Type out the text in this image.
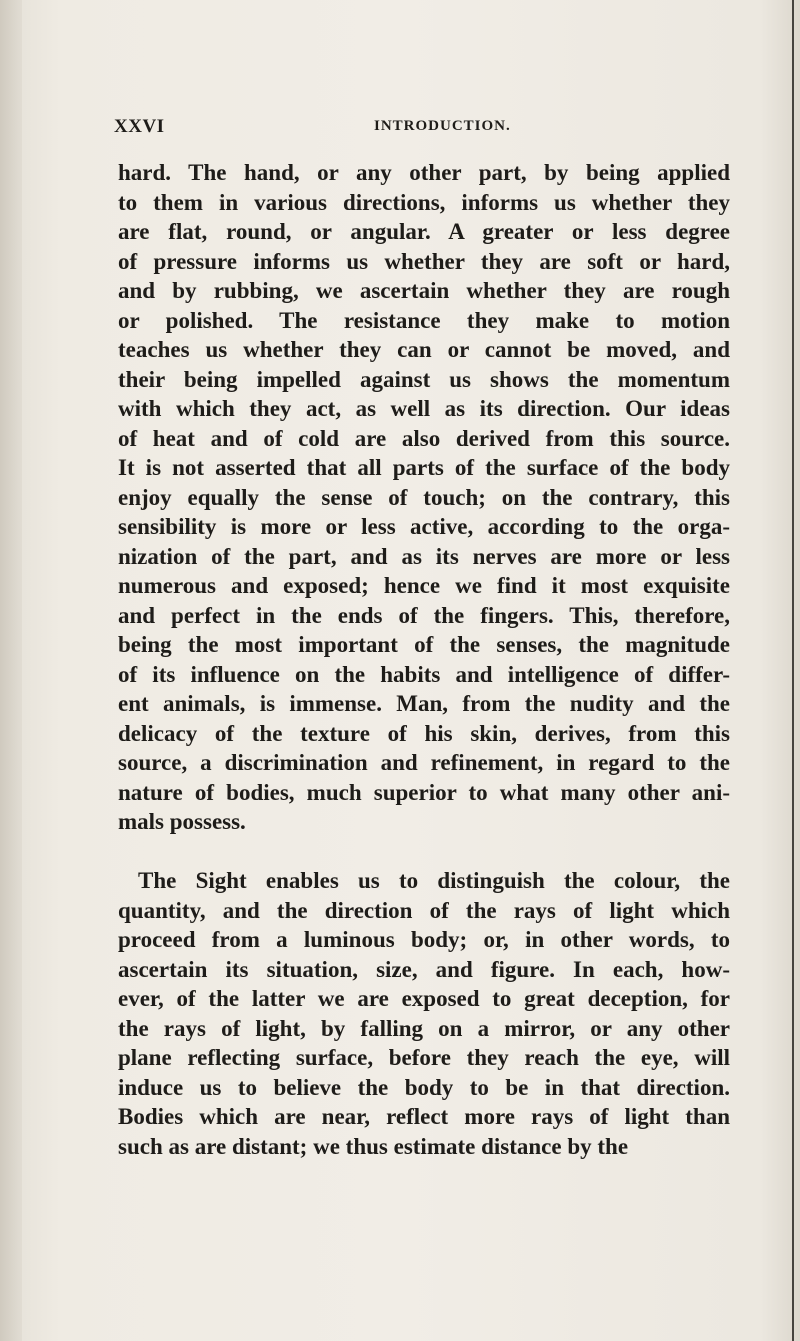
XXVI	INTRODUCTION.
hard. The hand, or any other part, by being applied
to them in various directions, informs us whether they
are flat, round, or angular. A greater or less degree
of pressure informs us whether they are soft or hard,
and by rubbing, we ascertain whether they are rough
or polished. The resistance they make to motion
teaches us whether they can or cannot be moved, and
their being impelled against us shows the momentum
with which they act, as well as its direction. Our ideas
of heat and of cold are also derived from this source.
It is not asserted that all parts of the surface of the body
enjoy equally the sense of touch; on the contrary, this
sensibility is more or less active, according to the orga-
nization of the part, and as its nerves are more or less
numerous and exposed; hence we find it most exquisite
and perfect in the ends of the fingers. This, therefore,
being the most important of the senses, the magnitude
of its influence on the habits and intelligence of differ-
ent animals, is immense. Man, from the nudity and the
delicacy of the texture of his skin, derives, from this
source, a discrimination and refinement, in regard to the
nature of bodies, much superior to what many other ani-
mals possess.
The Sight enables us to distinguish the colour, the
quantity, and the direction of the rays of light which
proceed from a luminous body; or, in other words, to
ascertain its situation, size, and figure. In each, how-
ever, of the latter we are exposed to great deception, for
the rays of light, by falling on a mirror, or any other
plane reflecting surface, before they reach the eye, will
induce us to believe the body to be in that direction.
Bodies which are near, reflect more rays of light than
such as are distant; we thus estimate distance by the
